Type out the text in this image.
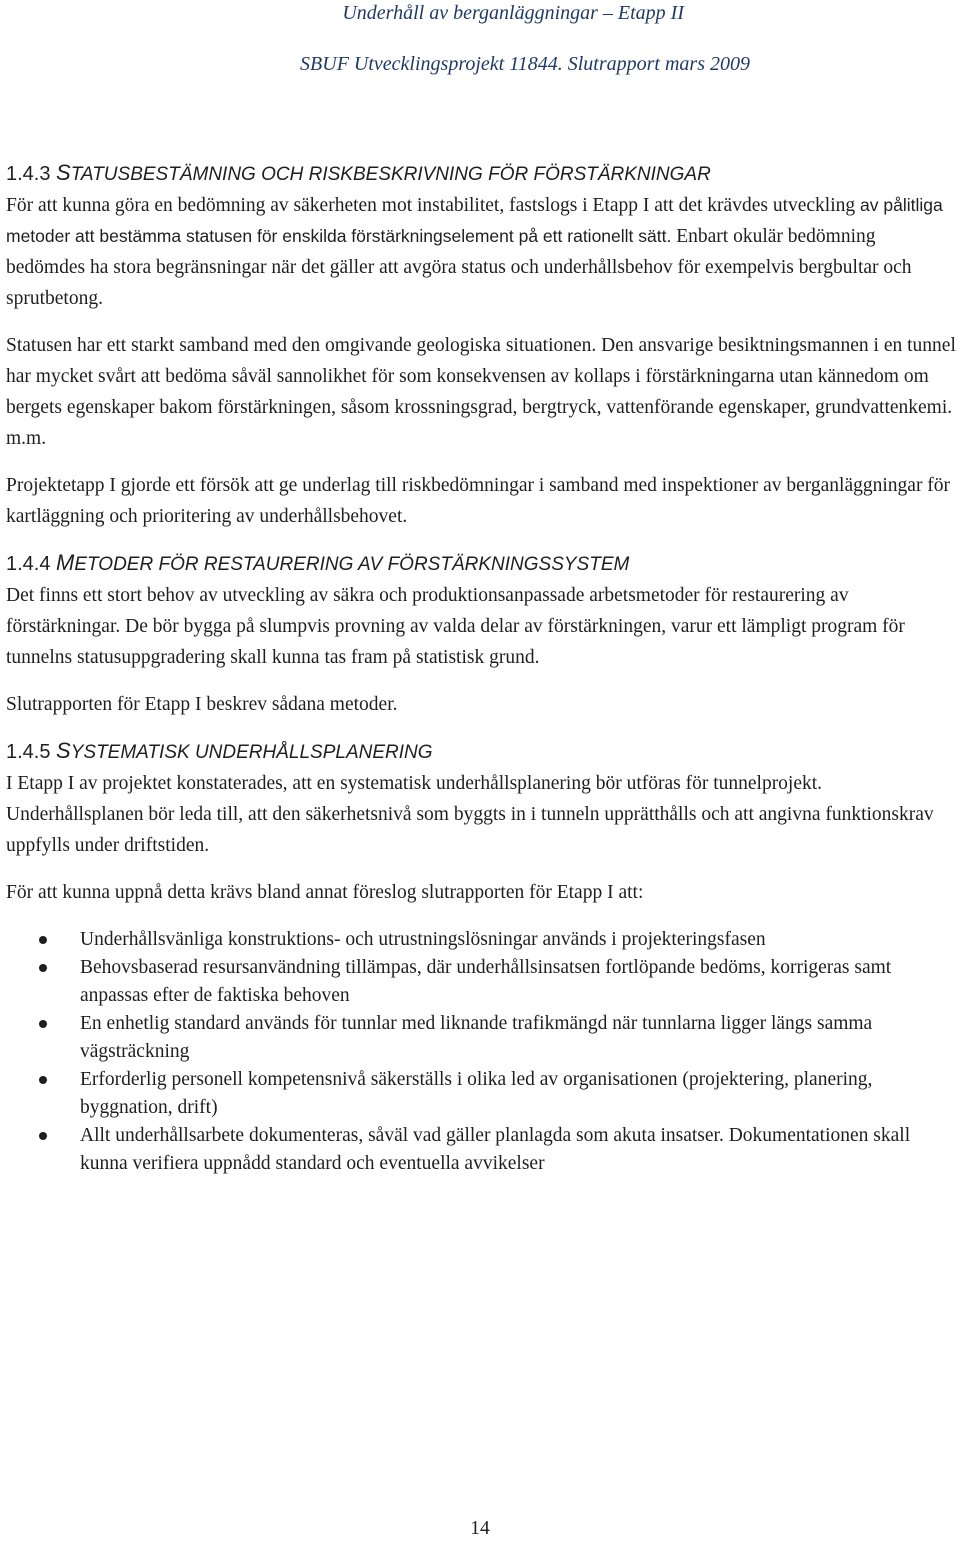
Underhåll av berganläggningar – Etapp II
SBUF Utvecklingsprojekt 11844. Slutrapport mars 2009
1.4.3 STATUSBESTÄMNING OCH RISKBESKRIVNING FÖR FÖRSTÄRKNINGAR

För att kunna göra en bedömning av säkerheten mot instabilitet, fastslogs i Etapp I att det krävdes utveckling av pålitliga metoder att bestämma statusen för enskilda förstärkningselement på ett rationellt sätt. Enbart okulär bedömning bedömdes ha stora begränsningar när det gäller att avgöra status och underhållsbehov för exempelvis bergbultar och sprutbetong.

Statusen har ett starkt samband med den omgivande geologiska situationen. Den ansvarige besiktningsmannen i en tunnel har mycket svårt att bedöma såväl sannolikhet för som konsekvensen av kollaps i förstärkningarna utan kännedom om bergets egenskaper bakom förstärkningen, såsom krossningsgrad, bergtryck, vattenförande egenskaper, grundvattenkemi. m.m.

Projektetapp I gjorde ett försök att ge underlag till riskbedömningar i samband med inspektioner av berganläggningar för kartläggning och prioritering av underhållsbehovet.

1.4.4 METODER FÖR RESTAURERING AV FÖRSTÄRKNINGSSYSTEM

Det finns ett stort behov av utveckling av säkra och produktionsanpassade arbetsmetoder för restaurering av förstärkningar. De bör bygga på slumpvis provning av valda delar av förstärkningen, varur ett lämpligt program för tunnelns statusuppgradering skall kunna tas fram på statistisk grund.

Slutrapporten för Etapp I beskrev sådana metoder.

1.4.5 SYSTEMATISK UNDERHÅLLSPLANERING

I Etapp I av projektet konstaterades, att en systematisk underhållsplanering bör utföras för tunnelprojekt. Underhållsplanen bör leda till, att den säkerhetsnivå som byggts in i tunneln upprätthålls och att angivna funktionskrav uppfylls under driftstiden.

För att kunna uppnå detta krävs bland annat föreslog slutrapporten för Etapp I att:

Underhållsvänliga konstruktions- och utrustningslösningar används i projekteringsfasen
Behovsbaserad resursanvändning tillämpas, där underhållsinsatsen fortlöpande bedöms, korrigeras samt anpassas efter de faktiska behoven
En enhetlig standard används för tunnlar med liknande trafikmängd när tunnlarna ligger längs samma vägsträckning
Erforderlig personell kompetensnivå säkerställs i olika led av organisationen (projektering, planering, byggnation, drift)
Allt underhållsarbete dokumenteras, såväl vad gäller planlagda som akuta insatser. Dokumentationen skall kunna verifiera uppnådd standard och eventuella avvikelser
14
